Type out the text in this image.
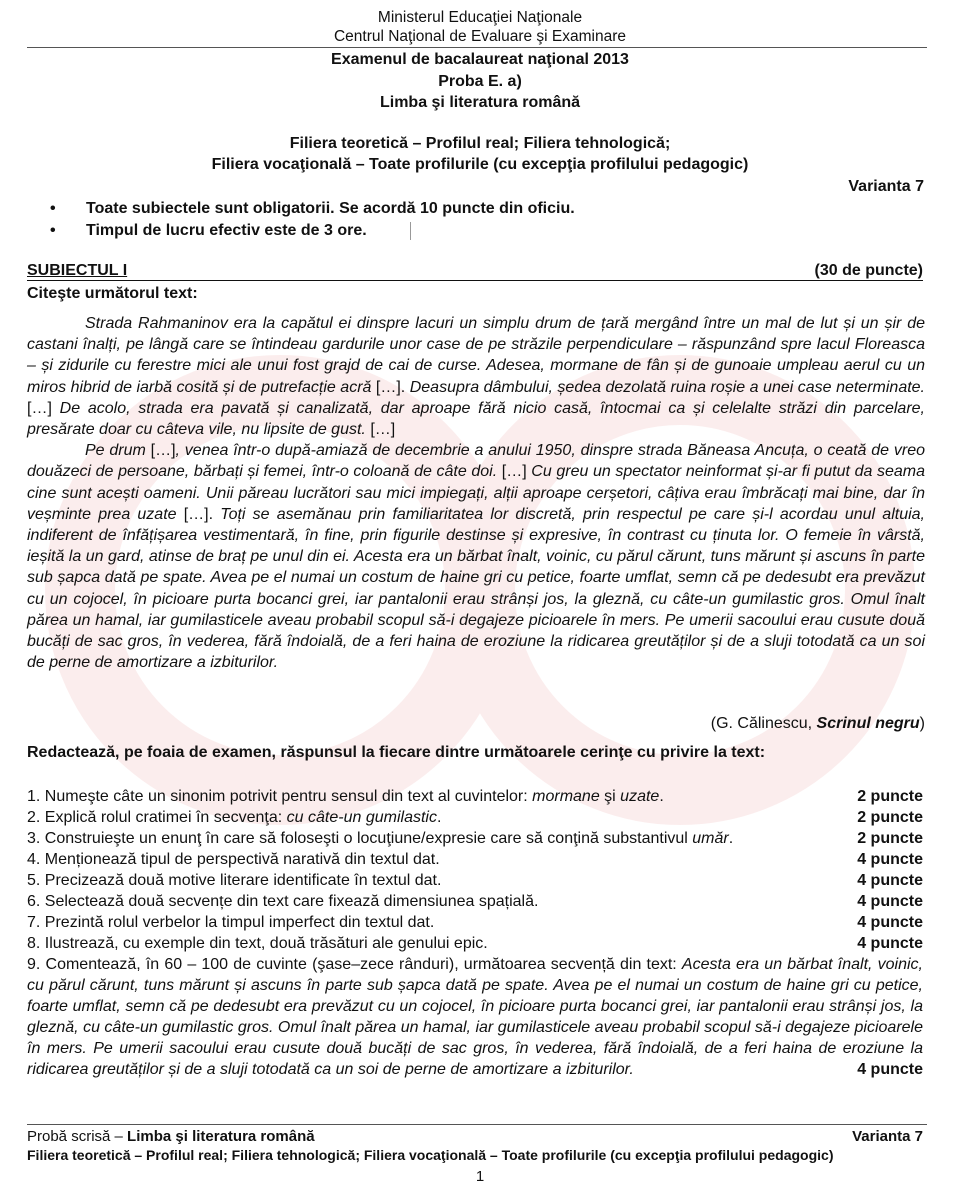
Ministerul Educaţiei Naţionale
Centrul Naţional de Evaluare şi Examinare
Examenul de bacalaureat naţional 2013
Proba E. a)
Limba şi literatura română
Filiera teoretică – Profilul real; Filiera tehnologică;
Filiera vocaţională – Toate profilurile (cu excepţia profilului pedagogic)
Varianta 7
• Toate subiectele sunt obligatorii. Se acordă 10 puncte din oficiu.
• Timpul de lucru efectiv este de 3 ore.
SUBIECTUL I	(30 de puncte)
Citeşte următorul text:

Strada Rahmaninov era la capătul ei dinspre lacuri un simplu drum de țară mergând între un mal de lut și un șir de castani înalți, pe lângă care se întindeau gardurile unor case de pe străzile perpendiculare – răspunzând spre lacul Floreasca – și zidurile cu ferestre mici ale unui fost grajd de cai de curse. Adesea, mormane de fân și de gunoaie umpleau aerul cu un miros hibrid de iarbă cosită și de putrefacție acră […]. Deasupra dâmbului, ședea dezolată ruina roșie a unei case neterminate. […] De acolo, strada era pavată și canalizată, dar aproape fără nicio casă, întocmai ca și celelalte străzi din parcelare, presărate doar cu câteva vile, nu lipsite de gust. […]

Pe drum […], venea într-o după-amiază de decembrie a anului 1950, dinspre strada Băneasa Ancuța, o ceată de vreo douăzeci de persoane, bărbați și femei, într-o coloană de câte doi. […] Cu greu un spectator neinformat și-ar fi putut da seama cine sunt acești oameni. Unii păreau lucrători sau mici impiegați, alții aproape cerșetori, câțiva erau îmbrăcați mai bine, dar în veșminte prea uzate […]. Toți se asemănau prin familiaritatea lor discretă, prin respectul pe care și-l acordau unul altuia, indiferent de înfățișarea vestimentară, în fine, prin figurile destinse și expresive, în contrast cu ținuta lor. O femeie în vârstă, ieșită la un gard, atinse de braț pe unul din ei. Acesta era un bărbat înalt, voinic, cu părul cărunt, tuns mărunt și ascuns în parte sub șapca dată pe spate. Avea pe el numai un costum de haine gri cu petice, foarte umflat, semn că pe dedesubt era prevăzut cu un cojocel, în picioare purta bocanci grei, iar pantalonii erau strânși jos, la gleznă, cu câte-un gumilastic gros. Omul înalt părea un hamal, iar gumilasticele aveau probabil scopul să-i degajeze picioarele în mers. Pe umerii sacoului erau cusute două bucăți de sac gros, în vederea, fără îndoială, de a feri haina de eroziune la ridicarea greutăților și de a sluji totodată ca un soi de perne de amortizare a izbiturilor.

(G. Călinescu, Scrinul negru)
Redactează, pe foaia de examen, răspunsul la fiecare dintre următoarele cerinţe cu privire la text:
1. Numeşte câte un sinonim potrivit pentru sensul din text al cuvintelor: mormane şi uzate.	2 puncte
2. Explică rolul cratimei în secvenţa: cu câte-un gumilastic.	2 puncte
3. Construieşte un enunţ în care să foloseşti o locuţiune/expresie care să conţină substantivul umăr.	2 puncte
4. Menționează tipul de perspectivă narativă din textul dat.	4 puncte
5. Precizează două motive literare identificate în textul dat.	4 puncte
6. Selectează două secvențe din text care fixează dimensiunea spațială.	4 puncte
7. Prezintă rolul verbelor la timpul imperfect din textul dat.	4 puncte
8. Ilustrează, cu exemple din text, două trăsături ale genului epic.	4 puncte
9. Comentează, în 60 – 100 de cuvinte (şase–zece rânduri), următoarea secvență din text: Acesta era un bărbat înalt, voinic, cu părul cărunt, tuns mărunt și ascuns în parte sub șapca dată pe spate. Avea pe el numai un costum de haine gri cu petice, foarte umflat, semn că pe dedesubt era prevăzut cu un cojocel, în picioare purta bocanci grei, iar pantalonii erau strânși jos, la gleznă, cu câte-un gumilastic gros. Omul înalt părea un hamal, iar gumilasticele aveau probabil scopul să-i degajeze picioarele în mers. Pe umerii sacoului erau cusute două bucăți de sac gros, în vederea, fără îndoială, de a feri haina de eroziune la ridicarea greutăților și de a sluji totodată ca un soi de perne de amortizare a izbiturilor.	4 puncte
Probă scrisă – Limba şi literatura română	Varianta 7
Filiera teoretică – Profilul real; Filiera tehnologică; Filiera vocaţională – Toate profilurile (cu excepţia profilului pedagogic)
1
